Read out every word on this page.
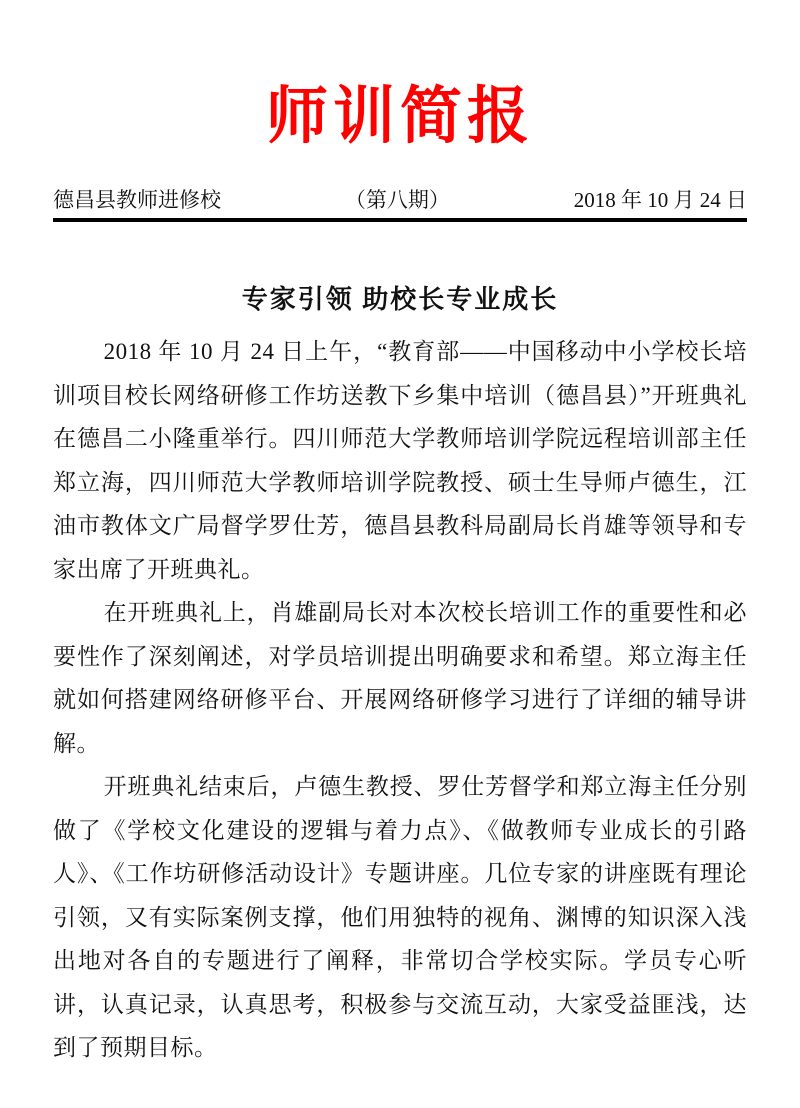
师训简报
德昌县教师进修校	（第八期）	2018 年 10 月 24 日
专家引领 助校长专业成长

2018 年 10 月 24 日上午，“教育部——中国移动中小学校长培训项目校长网络研修工作坊送教下乡集中培训（德昌县）”开班典礼在德昌二小隆重举行。四川师范大学教师培训学院远程培训部主任郑立海，四川师范大学教师培训学院教授、硕士生导师卢德生，江油市教体文广局督学罗仕芳，德昌县教科局副局长肖雄等领导和专家出席了开班典礼。

在开班典礼上，肖雄副局长对本次校长培训工作的重要性和必要性作了深刻阐述，对学员培训提出明确要求和希望。郑立海主任就如何搭建网络研修平台、开展网络研修学习进行了详细的辅导讲解。

开班典礼结束后，卢德生教授、罗仕芳督学和郑立海主任分别做了《学校文化建设的逻辑与着力点》、《做教师专业成长的引路人》、《工作坊研修活动设计》专题讲座。几位专家的讲座既有理论引领，又有实际案例支撑，他们用独特的视角、渊博的知识深入浅出地对各自的专题进行了阐释，非常切合学校实际。学员专心听讲，认真记录，认真思考，积极参与交流互动，大家受益匪浅，达到了预期目标。
